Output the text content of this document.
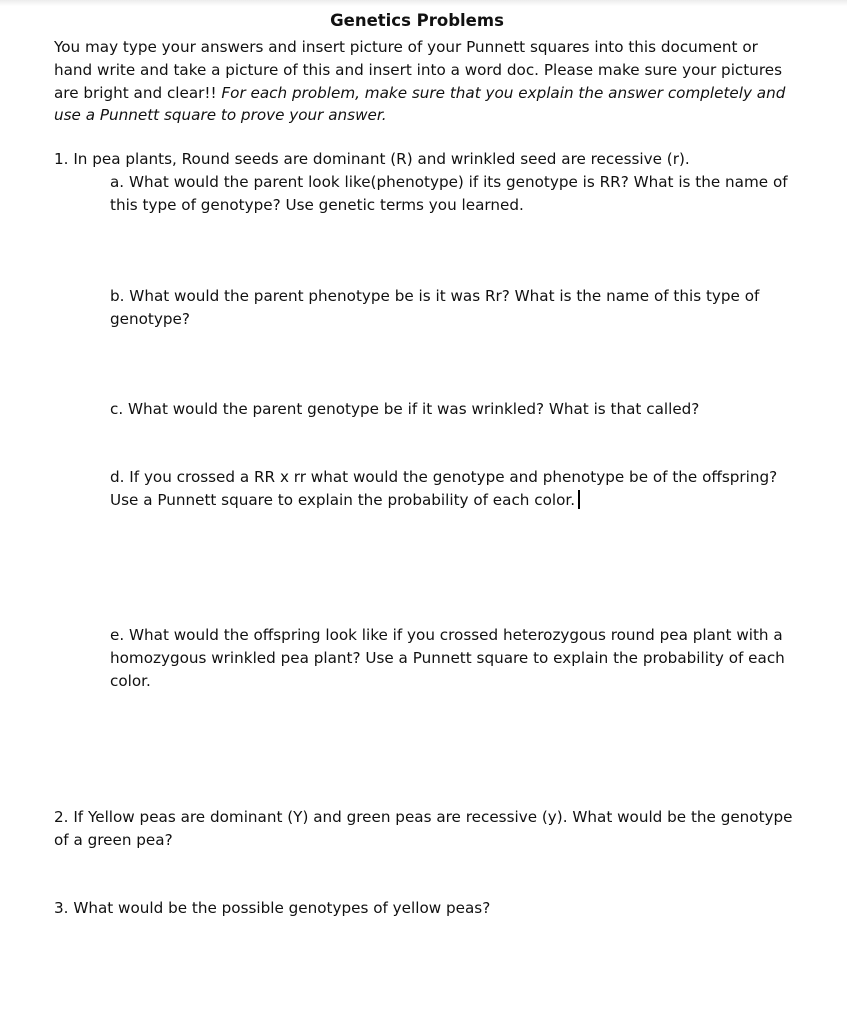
Genetics Problems
You may type your answers and insert picture of your Punnett squares into this document or hand write and take a picture of this and insert into a word doc. Please make sure your pictures are bright and clear!! For each problem, make sure that you explain the answer completely and use a Punnett square to prove your answer.
1. In pea plants, Round seeds are dominant (R) and wrinkled seed are recessive (r).
a. What would the parent look like(phenotype) if its genotype is RR? What is the name of this type of genotype? Use genetic terms you learned.
b. What would the parent phenotype be is it was Rr? What is the name of this type of genotype?
c. What would the parent genotype be if it was wrinkled? What is that called?
d. If you crossed a RR x rr what would the genotype and phenotype be of the offspring? Use a Punnett square to explain the probability of each color.
e. What would the offspring look like if you crossed heterozygous round pea plant with a homozygous wrinkled pea plant? Use a Punnett square to explain the probability of each color.
2. If Yellow peas are dominant (Y) and green peas are recessive (y). What would be the genotype of a green pea?
3. What would be the possible genotypes of yellow peas?
